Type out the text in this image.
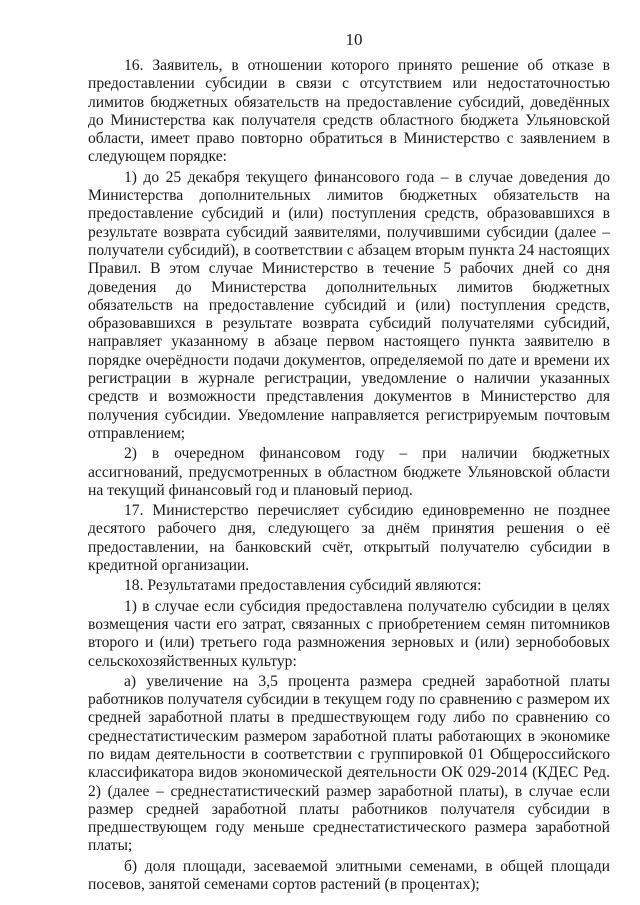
10

16. Заявитель, в отношении которого принято решение об отказе в предоставлении субсидии в связи с отсутствием или недостаточностью лимитов бюджетных обязательств на предоставление субсидий, доведённых до Министерства как получателя средств областного бюджета Ульяновской области, имеет право повторно обратиться в Министерство с заявлением в следующем порядке:

1) до 25 декабря текущего финансового года – в случае доведения до Министерства дополнительных лимитов бюджетных обязательств на предоставление субсидий и (или) поступления средств, образовавшихся в результате возврата субсидий заявителями, получившими субсидии (далее – получатели субсидий), в соответствии с абзацем вторым пункта 24 настоящих Правил. В этом случае Министерство в течение 5 рабочих дней со дня доведения до Министерства дополнительных лимитов бюджетных обязательств на предоставление субсидий и (или) поступления средств, образовавшихся в результате возврата субсидий получателями субсидий, направляет указанному в абзаце первом настоящего пункта заявителю в порядке очерёдности подачи документов, определяемой по дате и времени их регистрации в журнале регистрации, уведомление о наличии указанных средств и возможности представления документов в Министерство для получения субсидии. Уведомление направляется регистрируемым почтовым отправлением;

2) в очередном финансовом году – при наличии бюджетных ассигнований, предусмотренных в областном бюджете Ульяновской области на текущий финансовый год и плановый период.

17. Министерство перечисляет субсидию единовременно не позднее десятого рабочего дня, следующего за днём принятия решения о её предоставлении, на банковский счёт, открытый получателю субсидии в кредитной организации.

18. Результатами предоставления субсидий являются:

1) в случае если субсидия предоставлена получателю субсидии в целях возмещения части его затрат, связанных с приобретением семян питомников второго и (или) третьего года размножения зерновых и (или) зернобобовых сельскохозяйственных культур:

а) увеличение на 3,5 процента размера средней заработной платы работников получателя субсидии в текущем году по сравнению с размером их средней заработной платы в предшествующем году либо по сравнению со среднестатистическим размером заработной платы работающих в экономике по видам деятельности в соответствии с группировкой 01 Общероссийского классификатора видов экономической деятельности ОК 029-2014 (КДЕС Ред. 2) (далее – среднестатистический размер заработной платы), в случае если размер средней заработной платы работников получателя субсидии в предшествующем году меньше среднестатистического размера заработной платы;

б) доля площади, засеваемой элитными семенами, в общей площади посевов, занятой семенами сортов растений (в процентах);
